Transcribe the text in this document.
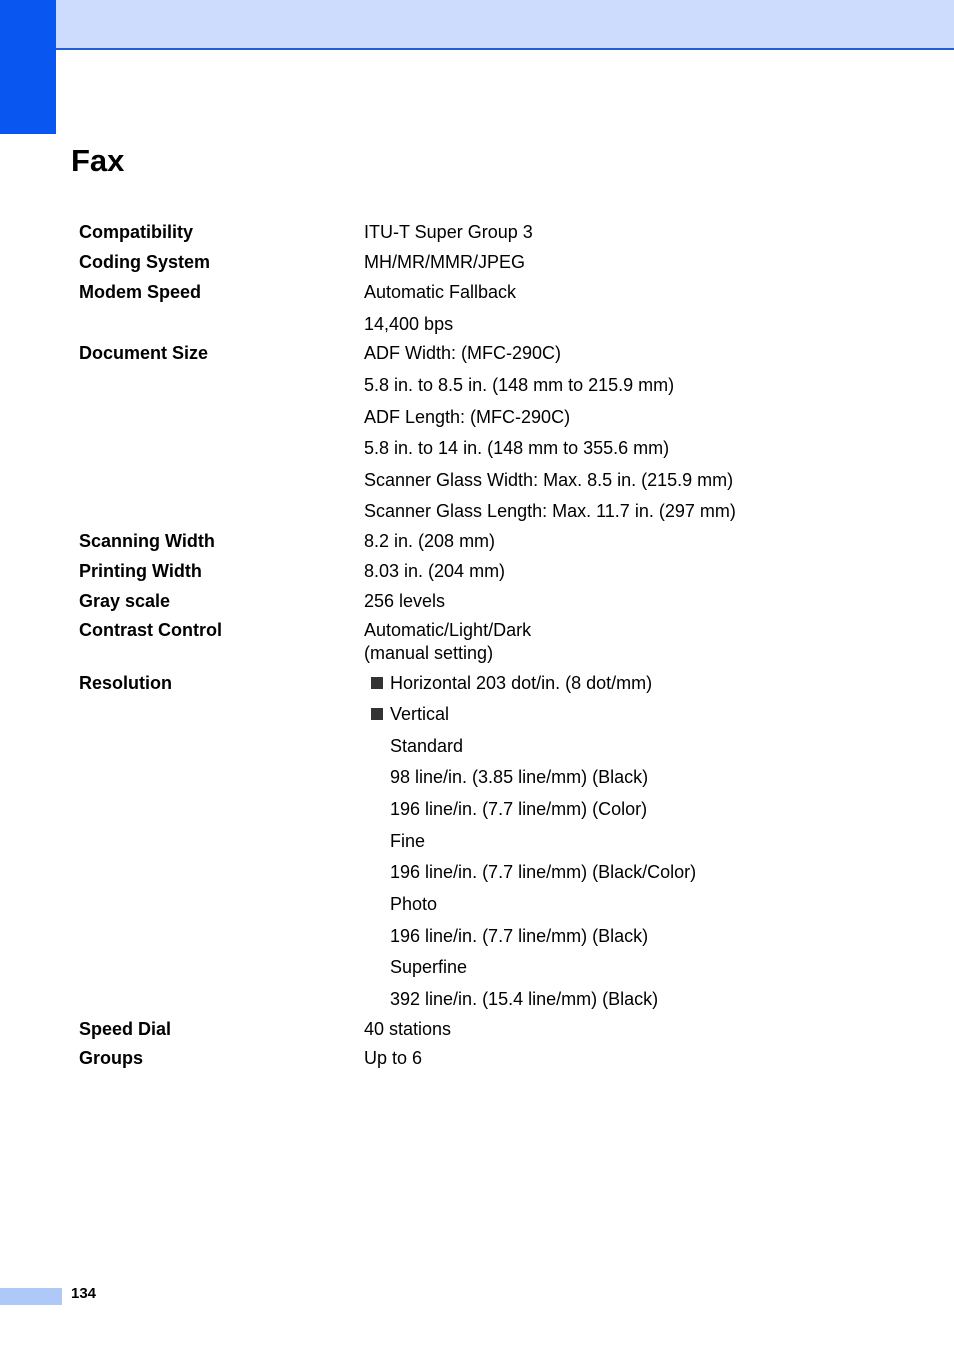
Fax
Compatibility	ITU-T Super Group 3
Coding System	MH/MR/MMR/JPEG
Modem Speed	Automatic Fallback
14,400 bps
Document Size	ADF Width: (MFC-290C)
5.8 in. to 8.5 in. (148 mm to 215.9 mm)
ADF Length: (MFC-290C)
5.8 in. to 14 in. (148 mm to 355.6 mm)
Scanner Glass Width: Max. 8.5 in. (215.9 mm)
Scanner Glass Length: Max. 11.7 in. (297 mm)
Scanning Width	8.2 in. (208 mm)
Printing Width	8.03 in. (204 mm)
Gray scale	256 levels
Contrast Control	Automatic/Light/Dark
(manual setting)
Resolution	Horizontal 203 dot/in. (8 dot/mm)
Vertical
Standard
98 line/in. (3.85 line/mm) (Black)
196 line/in. (7.7 line/mm) (Color)
Fine
196 line/in. (7.7 line/mm) (Black/Color)
Photo
196 line/in. (7.7 line/mm) (Black)
Superfine
392 line/in. (15.4 line/mm) (Black)
Speed Dial	40 stations
Groups	Up to 6
134
